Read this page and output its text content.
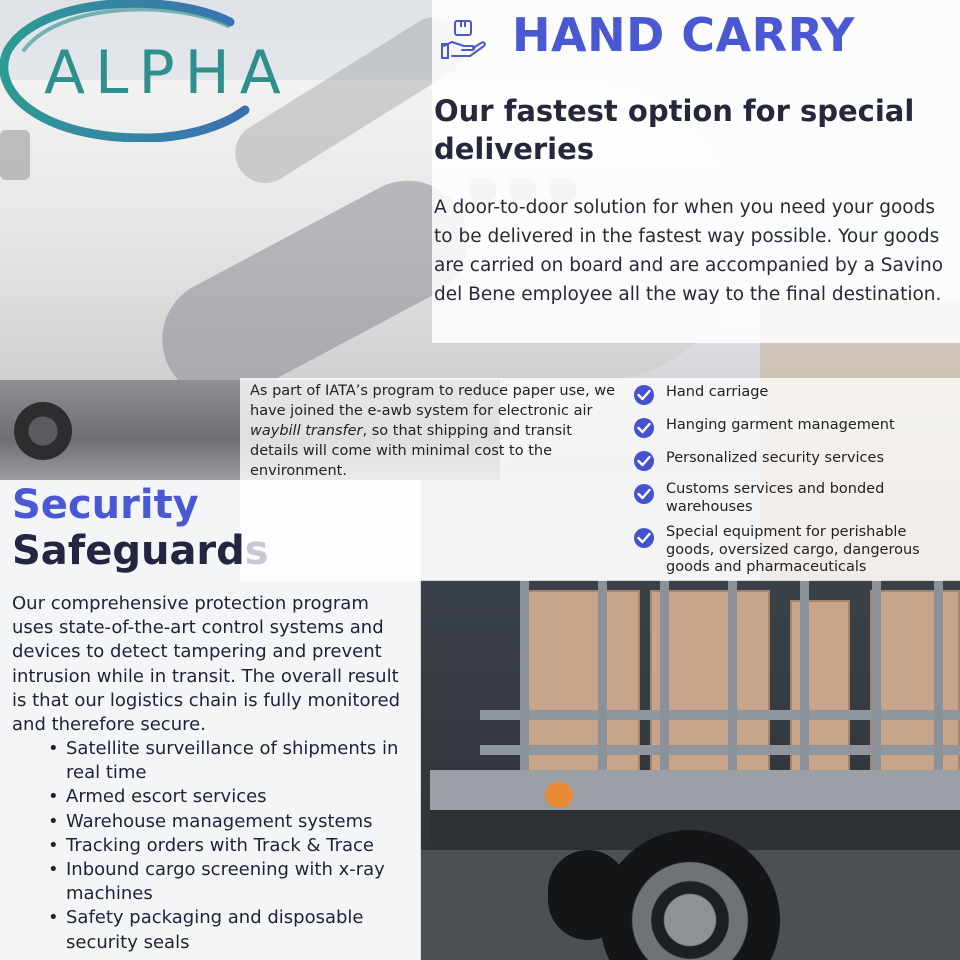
ALPHA
HAND CARRY
Our fastest option for special deliveries
A door-to-door solution for when you need your goods to be delivered in the fastest way possible. Your goods are carried on board and are accompanied by a Savino del Bene employee all the way to the final destination.
As part of IATA’s program to reduce paper use, we have joined the e-awb system for electronic air waybill transfer, so that shipping and transit details will come with minimal cost to the environment.
Hand carriage
Hanging garment management
Personalized security services
Customs services and bonded warehouses
Special equipment for perishable goods, oversized cargo, dangerous goods and pharmaceuticals
Security
Safeguards
Our comprehensive protection program uses state-of-the-art control systems and devices to detect tampering and prevent intrusion while in transit. The overall result is that our logistics chain is fully monitored and therefore secure.
• Satellite surveillance of shipments in real time
• Armed escort services
• Warehouse management systems
• Tracking orders with Track & Trace
• Inbound cargo screening with x-ray machines
• Safety packaging and disposable security seals
